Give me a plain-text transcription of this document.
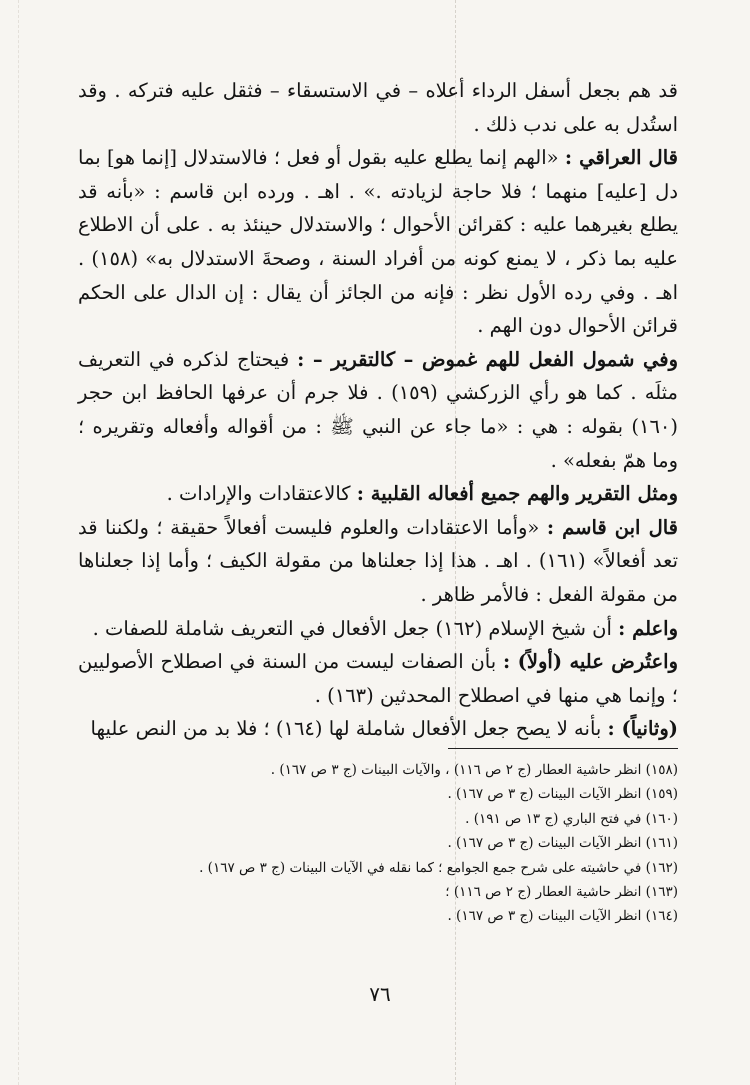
قد هم بجعل أسفل الرداء أعلاه – في الاستسقاء – فثقل عليه فتركه . وقد استُدل به على ندب ذلك .

قال العراقي : «الهم إنما يطلع عليه بقول أو فعل ؛ فالاستدلال [إنما هو] بما دل [عليه] منهما ؛ فلا حاجة لزيادته .» . اهـ . ورده ابن قاسم : «بأنه قد يطلع بغيرهما عليه : كقرائن الأحوال ؛ والاستدلال حينئذ به . على أن الاطلاع عليه بما ذكر ، لا يمنع كونه من أفراد السنة ، وصحةَ الاستدلال به» (١٥٨) . اهـ . وفي رده الأول نظر : فإنه من الجائز أن يقال : إن الدال على الحكم قرائن الأحوال دون الهم .

وفي شمول الفعل للهم غموض – كالتقرير – : فيحتاج لذكره في التعريف مثلَه . كما هو رأي الزركشي (١٥٩) . فلا جرم أن عرفها الحافظ ابن حجر (١٦٠) بقوله : هي : «ما جاء عن النبي ﷺ : من أقواله وأفعاله وتقريره ؛ وما همّ بفعله» .

ومثل التقرير والهم جميع أفعاله القلبية : كالاعتقادات والإرادات .

قال ابن قاسم : «وأما الاعتقادات والعلوم فليست أفعالاً حقيقة ؛ ولكننا قد تعد أفعالاً» (١٦١) . اهـ . هذا إذا جعلناها من مقولة الكيف ؛ وأما إذا جعلناها من مقولة الفعل : فالأمر ظاهر .

واعلم : أن شيخ الإسلام (١٦٢) جعل الأفعال في التعريف شاملة للصفات .

واعتُرض عليه (أولاً) : بأن الصفات ليست من السنة في اصطلاح الأصوليين ؛ وإنما هي منها في اصطلاح المحدثين (١٦٣) .

(وثانياً) : بأنه لا يصح جعل الأفعال شاملة لها (١٦٤) ؛ فلا بد من النص عليها

(١٥٨) انظر حاشية العطار (ج ٢ ص ١١٦) ، والآيات البينات (ج ٣ ص ١٦٧) .

(١٥٩) انظر الآيات البينات (ج ٣ ص ١٦٧) .

(١٦٠) في فتح الباري (ج ١٣ ص ١٩١) .

(١٦١) انظر الآيات البينات (ج ٣ ص ١٦٧) .

(١٦٢) في حاشيته على شرح جمع الجوامع ؛ كما نقله في الآيات البينات (ج ٣ ص ١٦٧) .

(١٦٣) انظر حاشية العطار (ج ٢ ص ١١٦) ؛

(١٦٤) انظر الآيات البينات (ج ٣ ص ١٦٧) .

٧٦
